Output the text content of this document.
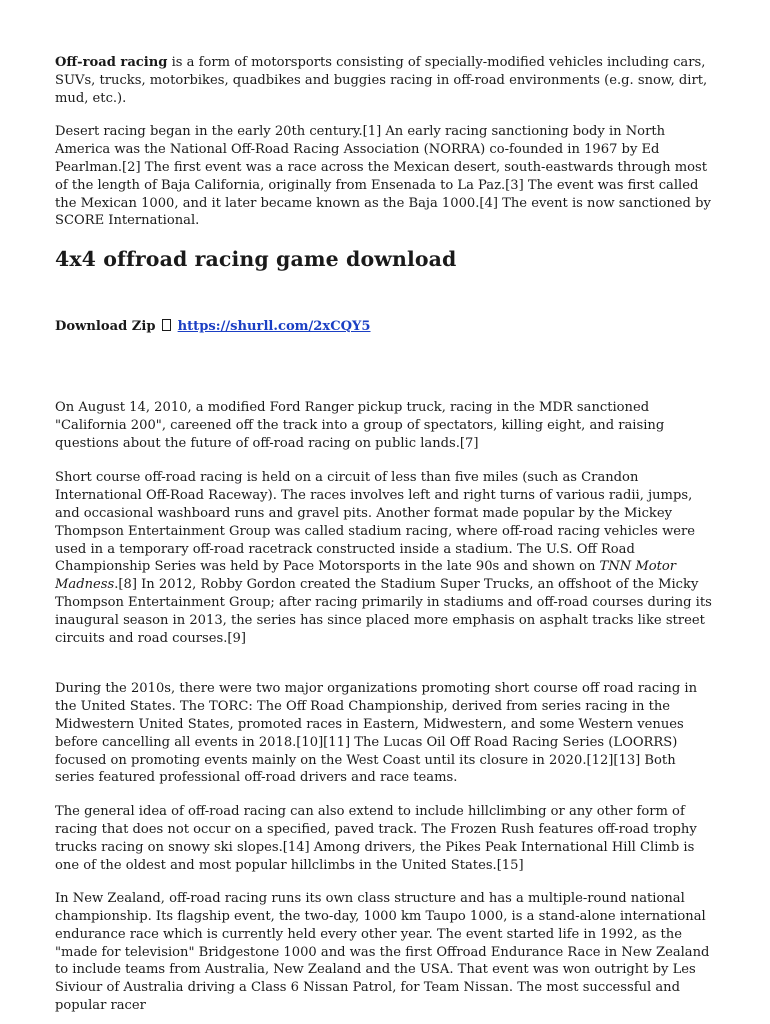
Off-road racing is a form of motorsports consisting of specially-modified vehicles including cars, SUVs, trucks, motorbikes, quadbikes and buggies racing in off-road environments (e.g. snow, dirt, mud, etc.).

Desert racing began in the early 20th century.[1] An early racing sanctioning body in North America was the National Off-Road Racing Association (NORRA) co-founded in 1967 by Ed Pearlman.[2] The first event was a race across the Mexican desert, south-eastwards through most of the length of Baja California, originally from Ensenada to La Paz.[3] The event was first called the Mexican 1000, and it later became known as the Baja 1000.[4] The event is now sanctioned by SCORE International.

4x4 offroad racing game download

Download Zip https://shurll.com/2xCQY5

On August 14, 2010, a modified Ford Ranger pickup truck, racing in the MDR sanctioned "California 200", careened off the track into a group of spectators, killing eight, and raising questions about the future of off-road racing on public lands.[7]

Short course off-road racing is held on a circuit of less than five miles (such as Crandon International Off-Road Raceway). The races involves left and right turns of various radii, jumps, and occasional washboard runs and gravel pits. Another format made popular by the Mickey Thompson Entertainment Group was called stadium racing, where off-road racing vehicles were used in a temporary off-road racetrack constructed inside a stadium. The U.S. Off Road Championship Series was held by Pace Motorsports in the late 90s and shown on TNN Motor Madness.[8] In 2012, Robby Gordon created the Stadium Super Trucks, an offshoot of the Micky Thompson Entertainment Group; after racing primarily in stadiums and off-road courses during its inaugural season in 2013, the series has since placed more emphasis on asphalt tracks like street circuits and road courses.[9]

During the 2010s, there were two major organizations promoting short course off road racing in the United States. The TORC: The Off Road Championship, derived from series racing in the Midwestern United States, promoted races in Eastern, Midwestern, and some Western venues before cancelling all events in 2018.[10][11] The Lucas Oil Off Road Racing Series (LOORRS) focused on promoting events mainly on the West Coast until its closure in 2020.[12][13] Both series featured professional off-road drivers and race teams.

The general idea of off-road racing can also extend to include hillclimbing or any other form of racing that does not occur on a specified, paved track. The Frozen Rush features off-road trophy trucks racing on snowy ski slopes.[14] Among drivers, the Pikes Peak International Hill Climb is one of the oldest and most popular hillclimbs in the United States.[15]

In New Zealand, off-road racing runs its own class structure and has a multiple-round national championship. Its flagship event, the two-day, 1000 km Taupo 1000, is a stand-alone international endurance race which is currently held every other year. The event started life in 1992, as the "made for television" Bridgestone 1000 and was the first Offroad Endurance Race in New Zealand to include teams from Australia, New Zealand and the USA. That event was won outright by Les Siviour of Australia driving a Class 6 Nissan Patrol, for Team Nissan. The most successful and popular racer
